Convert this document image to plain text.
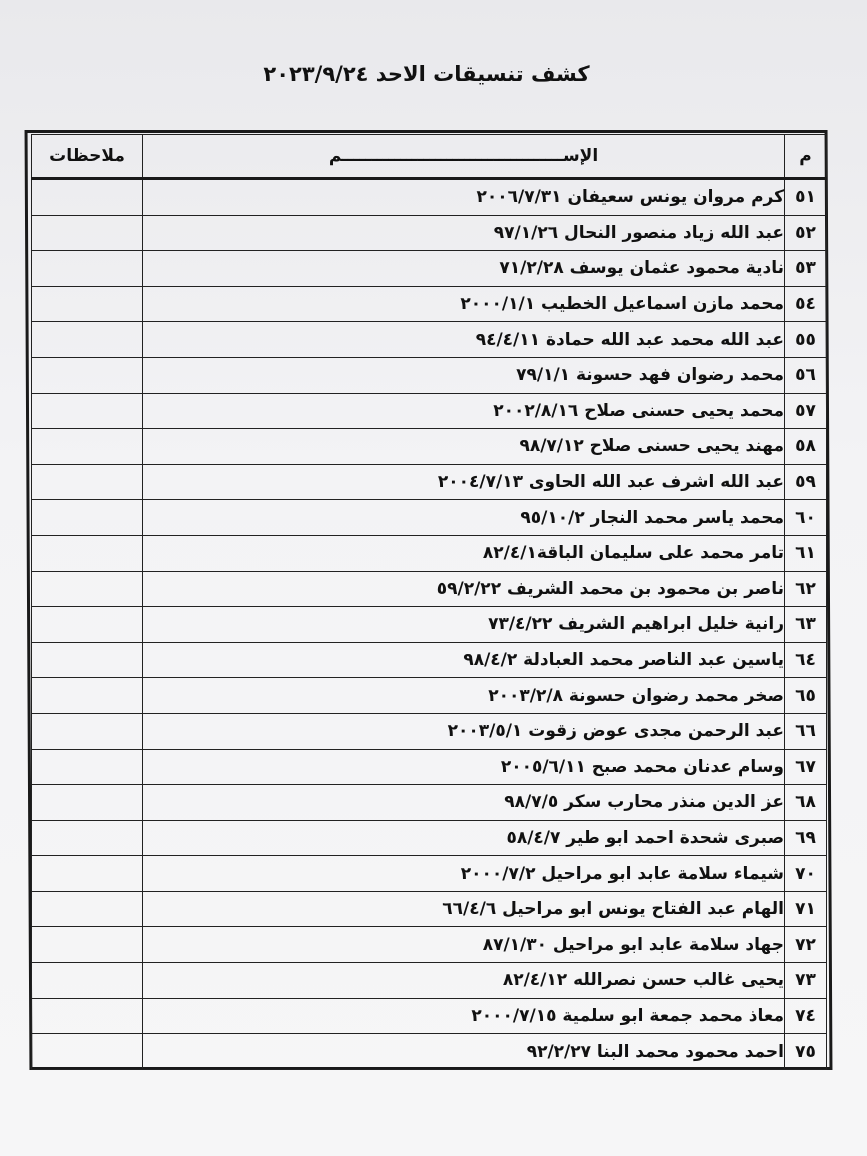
كشف تنسيقات الاحد ٢٠٢٣/٩/٢٤
م	الإســــــــــــــــــــــــــــــــــــــم	ملاحظات
٥١	كرم مروان يونس سعيفان ٢٠٠٦/٧/٣١	
٥٢	عبد الله زياد منصور النحال ٩٧/١/٢٦	
٥٣	نادية محمود عثمان يوسف ٧١/٢/٢٨	
٥٤	محمد مازن اسماعيل الخطيب ٢٠٠٠/١/١	
٥٥	عبد الله محمد عبد الله حمادة ٩٤/٤/١١	
٥٦	محمد رضوان فهد حسونة ٧٩/١/١	
٥٧	محمد يحيى حسنى صلاح ٢٠٠٢/٨/١٦	
٥٨	مهند يحيى حسنى صلاح ٩٨/٧/١٢	
٥٩	عبد الله اشرف عبد الله الحاوى ٢٠٠٤/٧/١٣	
٦٠	محمد ياسر محمد النجار ٩٥/١٠/٢	
٦١	تامر محمد على سليمان الباقة٨٢/٤/١	
٦٢	ناصر بن محمود بن محمد الشريف ٥٩/٢/٢٢	
٦٣	رانية خليل ابراهيم الشريف ٧٣/٤/٢٢	
٦٤	ياسين عبد الناصر محمد العبادلة ٩٨/٤/٢	
٦٥	صخر محمد رضوان حسونة ٢٠٠٣/٢/٨	
٦٦	عبد الرحمن مجدى عوض زقوت ٢٠٠٣/٥/١	
٦٧	وسام عدنان محمد صبح ٢٠٠٥/٦/١١	
٦٨	عز الدين منذر محارب سكر ٩٨/٧/٥	
٦٩	صبرى شحدة احمد ابو طير ٥٨/٤/٧	
٧٠	شيماء سلامة عابد ابو مراحيل ٢٠٠٠/٧/٢	
٧١	الهام عبد الفتاح يونس ابو مراحيل ٦٦/٤/٦	
٧٢	جهاد سلامة عابد ابو مراحيل ٨٧/١/٣٠	
٧٣	يحيى غالب حسن نصرالله ٨٢/٤/١٢	
٧٤	معاذ محمد جمعة ابو سلمية ٢٠٠٠/٧/١٥	
٧٥	احمد محمود محمد البنا ٩٢/٢/٢٧	
